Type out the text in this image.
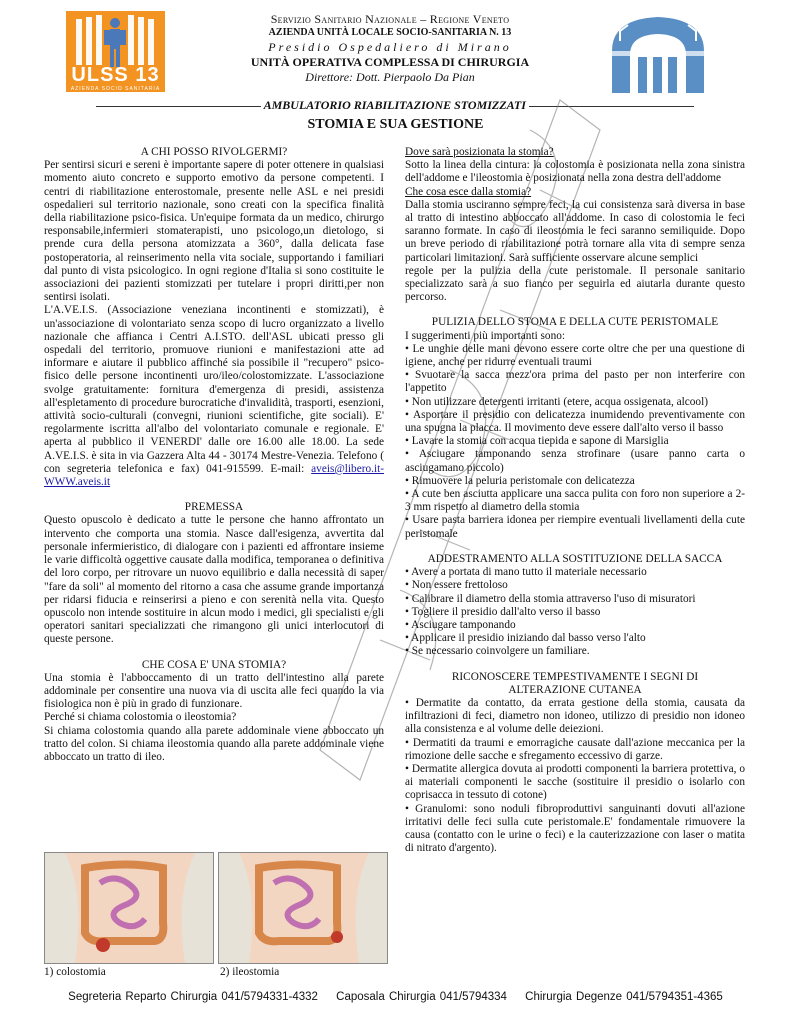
ULSS 13
AZIENDA SOCIO SANITARIA
Servizio Sanitario Nazionale – Regione Veneto
AZIENDA UNITÀ LOCALE SOCIO-SANITARIA N. 13
Presidio Ospedaliero di Mirano
UNITÀ OPERATIVA COMPLESSA DI CHIRURGIA
Direttore: Dott. Pierpaolo Da Pian
AMBULATORIO RIABILITAZIONE STOMIZZATI
STOMIA E SUA GESTIONE
A CHI POSSO RIVOLGERMI?

Per sentirsi sicuri e sereni è importante sapere di poter ottenere in qualsiasi momento aiuto concreto e supporto emotivo da persone competenti. I centri di riabilitazione enterostomale, presente nelle ASL e nei presidi ospedalieri sul territorio nazionale, sono creati con la specifica finalità della riabilitazione psico-fisica. Un'equipe formata da un medico, chirurgo responsabile,infermieri stomaterapisti, uno psicologo,un dietologo, si prende cura della persona atomizzata a 360°, dalla delicata fase postoperatoria, al reinserimento nella vita sociale, supportando i familiari dal punto di vista psicologico. In ogni regione d'Italia si sono costituite le associazioni dei pazienti stomizzati per tutelare i propri diritti,per non sentirsi isolati.

L'A.VE.I.S. (Associazione veneziana incontinenti e stomizzati), è un'associazione di volontariato senza scopo di lucro organizzato a livello nazionale che affianca i Centri A.I.STO. dell'ASL ubicati presso gli ospedali del territorio, promuove riunioni e manifestazioni atte ad informare e aiutare il pubblico affinché sia possibile il "recupero" psico-fisico delle persone incontinenti uro/ileo/colostomizzate. L'associazione svolge gratuitamente: fornitura d'emergenza di presidi, assistenza all'espletamento di procedure burocratiche d'invalidità, trasporti, esenzioni, attività socio-culturali (convegni, riunioni scientifiche, gite sociali). E' regolarmente iscritta all'albo del volontariato comunale e regionale. E' aperta al pubblico il VENERDI' dalle ore 16.00 alle 18.00. La sede A.VE.I.S. è sita in via Gazzera Alta 44 - 30174 Mestre-Venezia. Telefono ( con segreteria telefonica e fax) 041-915599. E-mail: aveis@libero.it-WWW.aveis.it

PREMESSA

Questo opuscolo è dedicato a tutte le persone che hanno affrontato un intervento che comporta una stomia. Nasce dall'esigenza, avvertita dal personale infermieristico, di dialogare con i pazienti ed affrontare insieme le varie difficoltà oggettive causate dalla modifica, temporanea o definitiva del loro corpo, per ritrovare un nuovo equilibrio e dalla necessità di saper "fare da soli" al momento del ritorno a casa che assume grande importanza per ridarsi fiducia e reinserirsi a pieno e con serenità nella vita. Questo opuscolo non intende sostituire in alcun modo i medici, gli specialisti e gli operatori sanitari specializzati che rimangono gli unici interlocutori di queste persone.

CHE COSA E' UNA STOMIA?

Una stomia è l'abboccamento di un tratto dell'intestino alla parete addominale per consentire una nuova via di uscita alle feci quando la via fisiologica non è più in grado di funzionare.

Perché si chiama colostomia o ileostomia?

Si chiama colostomia quando alla parete addominale viene abboccato un tratto del colon. Si chiama ileostomia quando alla parete addominale viene abboccato un tratto di ileo.

1) colostomia	2) ileostomia

Dove sarà posizionata la stomia?

Sotto la linea della cintura: la colostomia è posizionata nella zona sinistra dell'addome e l'ileostomia è posizionata nella zona destra dell'addome

Che cosa esce dalla stomia?

Dalla stomia usciranno sempre feci, la cui consistenza sarà diversa in base al tratto di intestino abboccato all'addome. In caso di colostomia le feci saranno formate. In caso di ileostomia le feci saranno semiliquide. Dopo un breve periodo di riabilitazione potrà tornare alla vita di sempre senza particolari limitazioni. Sarà sufficiente osservare alcune semplici

regole per la pulizia della cute peristomale. Il personale sanitario specializzato sarà a suo fianco per seguirla ed aiutarla durante questo percorso.

PULIZIA DELLO STOMA E DELLA CUTE PERISTOMALE

I suggerimenti più importanti sono:

• Le unghie delle mani devono essere corte oltre che per una questione di igiene, anche per ridurre eventuali traumi

• Svuotare la sacca mezz'ora prima del pasto per non interferire con l'appetito

• Non utilizzare detergenti irritanti (etere, acqua ossigenata, alcool)

• Asportare il presidio con delicatezza inumidendo preventivamente con una spugna la placca. Il movimento deve essere dall'alto verso il basso

• Lavare la stomia con acqua tiepida e sapone di Marsiglia

• Asciugare tamponando senza strofinare (usare panno carta o asciugamano piccolo)

• Rimuovere la peluria peristomale con delicatezza

• A cute ben asciutta applicare una sacca pulita con foro non superiore a 2-3 mm rispetto al diametro della stomia

• Usare pasta barriera idonea per riempire eventuali livellamenti della cute peristomale

ADDESTRAMENTO ALLA SOSTITUZIONE DELLA SACCA

• Avere a portata di mano tutto il materiale necessario

• Non essere frettoloso

• Calibrare il diametro della stomia attraverso l'uso di misuratori

• Togliere il presidio dall'alto verso il basso

• Asciugare tamponando

• Applicare il presidio iniziando dal basso verso l'alto

• Se necessario coinvolgere un familiare.

RICONOSCERE TEMPESTIVAMENTE I SEGNI DI
ALTERAZIONE CUTANEA

• Dermatite da contatto, da errata gestione della stomia, causata da infiltrazioni di feci, diametro non idoneo, utilizzo di presidio non idoneo alla consistenza e al volume delle deiezioni.

• Dermatiti da traumi e emorragiche causate dall'azione meccanica per la rimozione delle sacche e sfregamento eccessivo di garze.

• Dermatite allergica dovuta ai prodotti componenti la barriera protettiva, o ai materiali componenti le sacche (sostituire il presidio o isolarlo con coprisacca in tessuto di cotone)

• Granulomi: sono noduli fibroproduttivi sanguinanti dovuti all'azione irritativi delle feci sulla cute peristomale.E' fondamentale rimuovere la causa (contatto con le urine o feci) e la cauterizzazione con laser o matita di nitrato d'argento).

Segreteria Reparto Chirurgia 041/5794331-4332 Caposala Chirurgia 041/5794334 Chirurgia Degenze 041/5794351-4365
